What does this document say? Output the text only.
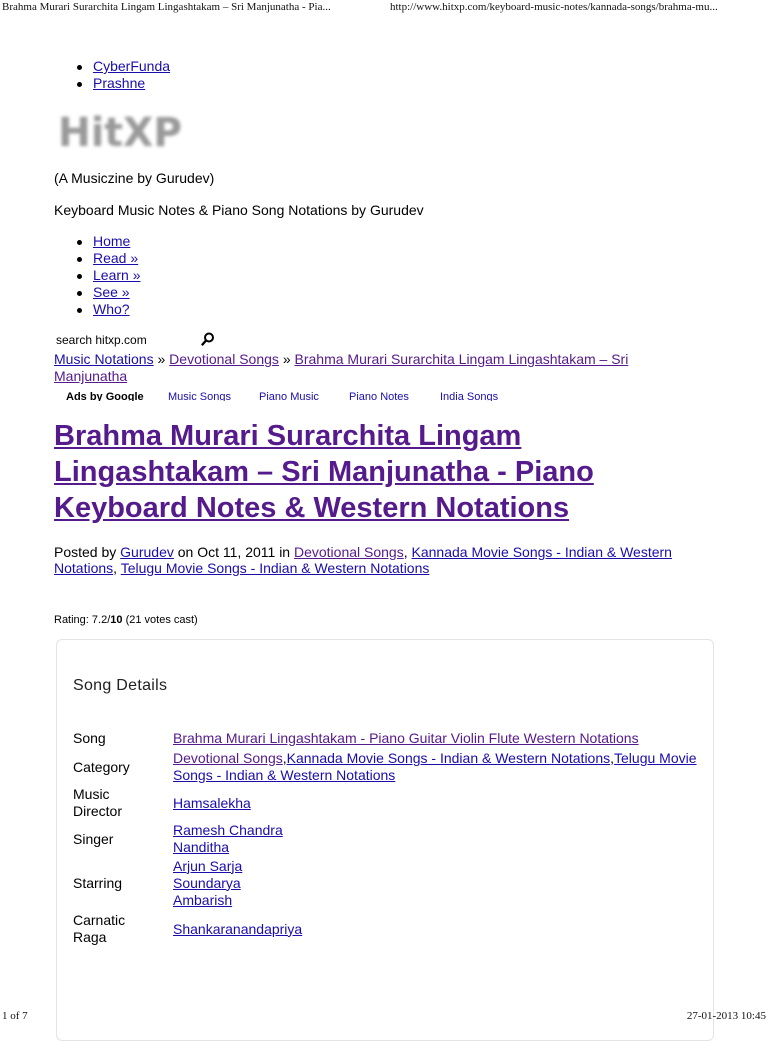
Brahma Murari Surarchita Lingam Lingashtakam – Sri Manjunatha - Pia...	http://www.hitxp.com/keyboard-music-notes/kannada-songs/brahma-mu...
CyberFunda
Prashne
HitXP
(A Musiczine by Gurudev)
Keyboard Music Notes & Piano Song Notations by Gurudev
Home
Read »
Learn »
See »
Who?
search hitxp.com
Music Notations » Devotional Songs » Brahma Murari Surarchita Lingam Lingashtakam – Sri Manjunatha
Ads by Google Music Songs	Piano Music	Piano Notes	India Songs
Brahma Murari Surarchita Lingam Lingashtakam – Sri Manjunatha - Piano Keyboard Notes & Western Notations
Posted by Gurudev on Oct 11, 2011 in Devotional Songs, Kannada Movie Songs - Indian & Western Notations, Telugu Movie Songs - Indian & Western Notations
Rating: 7.2/10 (21 votes cast)
Song Details
Song	Brahma Murari Lingashtakam - Piano Guitar Violin Flute Western Notations
Category	Devotional Songs,Kannada Movie Songs - Indian & Western Notations,Telugu Movie Songs - Indian & Western Notations
Music
Director	Hamsalekha
Singer	Ramesh Chandra
Nanditha
Starring	Arjun Sarja
Soundarya
Ambarish
Carnatic
Raga	Shankaranandapriya
1 of 7	27-01-2013 10:45
